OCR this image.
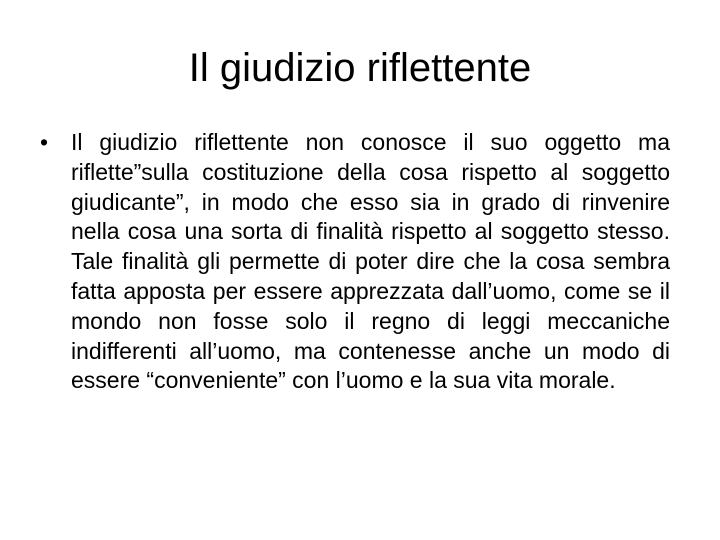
Il giudizio riflettente
• Il giudizio riflettente non conosce il suo oggetto ma riflette”sulla costituzione della cosa rispetto al soggetto giudicante”, in modo che esso sia in grado di rinvenire nella cosa una sorta di finalità rispetto al soggetto stesso. Tale finalità gli permette di poter dire che la cosa sembra fatta apposta per essere apprezzata dall’uomo, come se il mondo non fosse solo il regno di leggi meccaniche indifferenti all’uomo, ma contenesse anche un modo di essere “conveniente” con l’uomo e la sua vita morale.
